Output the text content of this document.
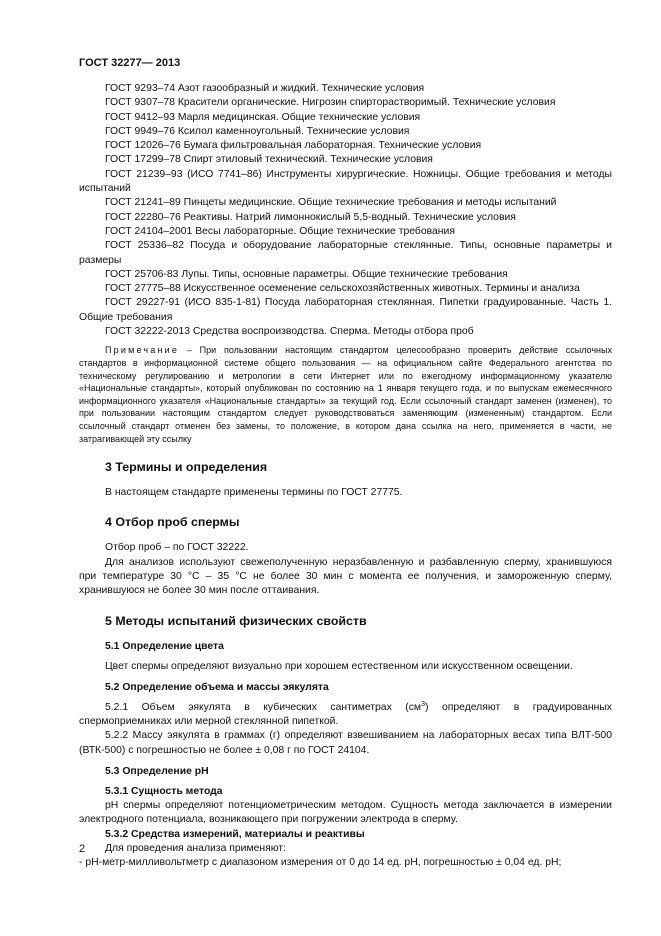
ГОСТ 32277— 2013

ГОСТ 9293–74 Азот газообразный и жидкий. Технические условия

ГОСТ 9307–78 Красители органические. Нигрозин спирторастворимый. Технические условия

ГОСТ 9412–93 Марля медицинская. Общие технические условия

ГОСТ 9949–76 Ксилол каменноугольный. Технические условия

ГОСТ 12026–76 Бумага фильтровальная лабораторная. Технические условия

ГОСТ 17299–78 Спирт этиловый технический. Технические условия

ГОСТ 21239–93 (ИСО 7741–86) Инструменты хирургические. Ножницы. Общие требования и методы испытаний

ГОСТ 21241–89 Пинцеты медицинские. Общие технические требования и методы испытаний

ГОСТ 22280–76 Реактивы. Натрий лимоннокислый 5,5-водный. Технические условия

ГОСТ 24104–2001 Весы лабораторные. Общие технические требования

ГОСТ 25336–82 Посуда и оборудование лабораторные стеклянные. Типы, основные параметры и размеры

ГОСТ 25706-83 Лупы. Типы, основные параметры. Общие технические требования

ГОСТ 27775–88 Искусственное осеменение сельскохозяйственных животных. Термины и анализа

ГОСТ 29227-91 (ИСО 835-1-81) Посуда лабораторная стеклянная. Пипетки градуированные. Часть 1. Общие требования

ГОСТ 32222-2013 Средства воспроизводства. Сперма. Методы отбора проб

Примечание – При пользовании настоящим стандартом целесообразно проверить действие ссылочных стандартов в информационной системе общего пользования — на официальном сайте Федерального агентства по техническому регулированию и метрологии в сети Интернет или по ежегодному информационному указателю «Национальные стандарты», который опубликован по состоянию на 1 января текущего года, и по выпускам ежемесячного информационного указателя «Национальные стандарты» за текущий год. Если ссылочный стандарт заменен (изменен), то при пользовании настоящим стандартом следует руководствоваться заменяющим (измененным) стандартом. Если ссылочный стандарт отменен без замены, то положение, в котором дана ссылка на него, применяется в части, не затрагивающей эту ссылку

3 Термины и определения

В настоящем стандарте применены термины по ГОСТ 27775.

4 Отбор проб спермы

Отбор проб – по ГОСТ 32222.

Для анализов используют свежеполученную неразбавленную и разбавленную сперму, хранившуюся при температуре 30 °С – 35 °С не более 30 мин с момента ее получения, и замороженную сперму, хранившуюся не более 30 мин после оттаивания.

5 Методы испытаний физических свойств
5.1 Определение цвета

Цвет спермы определяют визуально при хорошем естественном или искусственном освещении.

5.2 Определение объема и массы эякулята

5.2.1 Объем эякулята в кубических сантиметрах $(см^3)$ определяют в градуированных спермоприемниках или мерной стеклянной пипеткой.

5.2.2 Массу эякулята в граммах (г) определяют взвешиванием на лабораторных весах типа ВЛТ-500 (ВТК-500) с погрешностью не более ± 0,08 г по ГОСТ 24104.

5.3 Определение pH
5.3.1 Сущность метода

рН спермы определяют потенциометрическим методом. Сущность метода заключается в измерении электродного потенциала, возникающего при погружении электрода в сперму.

5.3.2 Средства измерений, материалы и реактивы

Для проведения анализа применяют:

- рН-метр-милливольтметр с диапазоном измерения от 0 до 14 ед. рН, погрешностью ± 0,04 ед. рН;

2
